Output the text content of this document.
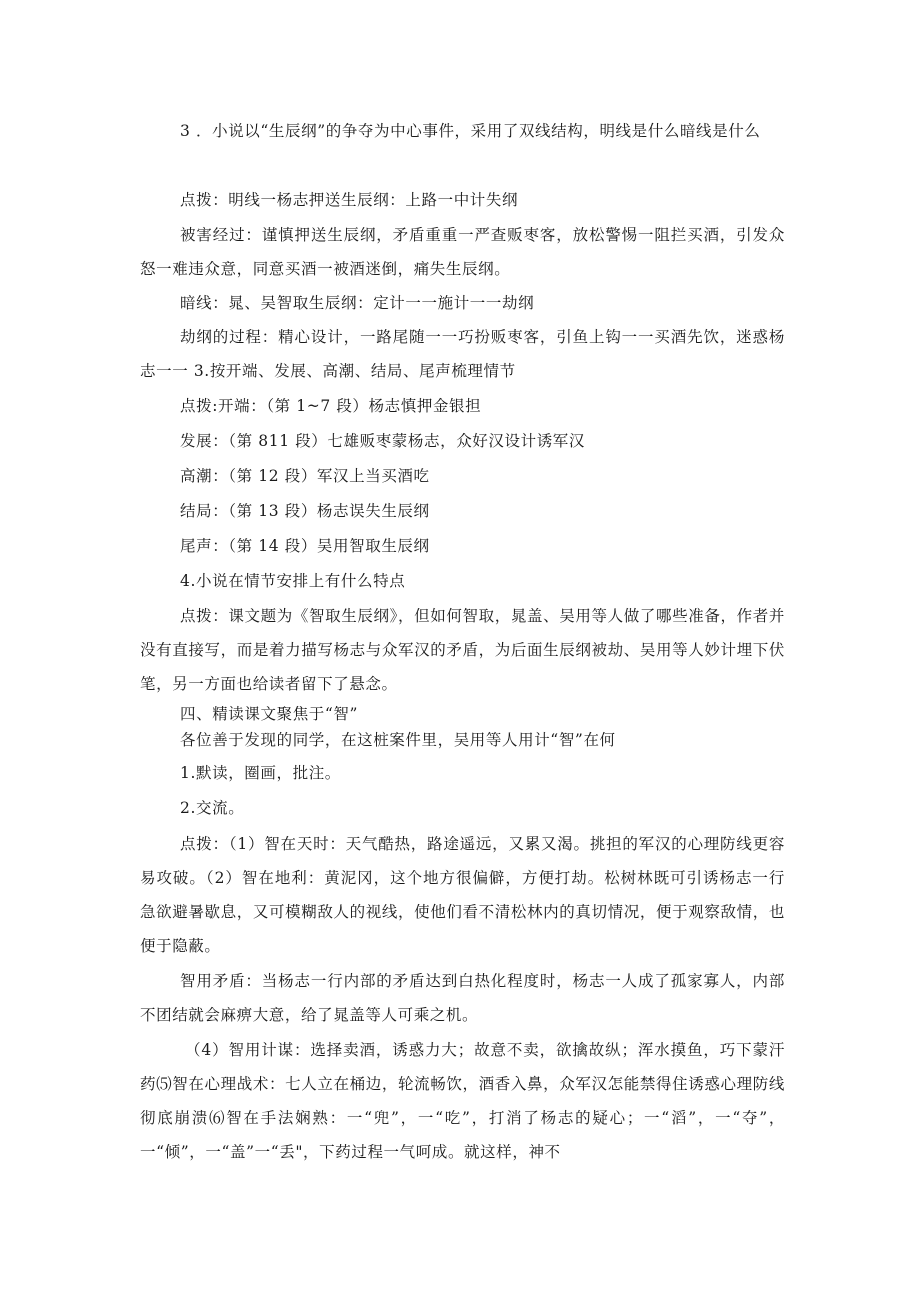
3 ．小说以“生辰纲”的争夺为中心事件，采用了双线结构，明线是什么暗线是什么

点拨：明线一杨志押送生辰纲：上路一中计失纲

被害经过：谨慎押送生辰纲，矛盾重重一严查贩枣客，放松警惕一阻拦买酒，引发众怒一难违众意，同意买酒一被酒迷倒，痛失生辰纲。

暗线：晁、吴智取生辰纲：定计一一施计一一劫纲

劫纲的过程：精心设计，一路尾随一一巧扮贩枣客，引鱼上钩一一买酒先饮，迷惑杨志一一 3.按开端、发展、高潮、结局、尾声梳理情节

点拨:开端：（第 1~7 段）杨志慎押金银担

发展：（第 811 段）七雄贩枣蒙杨志，众好汉设计诱军汉

高潮：（第 12 段）军汉上当买酒吃

结局：（第 13 段）杨志误失生辰纲

尾声：（第 14 段）吴用智取生辰纲

4.小说在情节安排上有什么特点

点拨：课文题为《智取生辰纲》，但如何智取，晁盖、吴用等人做了哪些准备，作者并没有直接写，而是着力描写杨志与众军汉的矛盾，为后面生辰纲被劫、吴用等人妙计埋下伏笔，另一方面也给读者留下了悬念。

四、精读课文聚焦于“智”

各位善于发现的同学，在这桩案件里，吴用等人用计“智”在何

1.默读，圈画，批注。

2.交流。

点拨：（1）智在天时：天气酷热，路途遥远，又累又渴。挑担的军汉的心理防线更容易攻破。（2）智在地利：黄泥冈，这个地方很偏僻，方便打劫。松树林既可引诱杨志一行急欲避暑歇息，又可模糊敌人的视线，使他们看不清松林内的真切情况，便于观察敌情，也便于隐蔽。

智用矛盾：当杨志一行内部的矛盾达到白热化程度时，杨志一人成了孤家寡人，内部不团结就会麻痹大意，给了晁盖等人可乘之机。

（4）智用计谋：选择卖酒，诱惑力大；故意不卖，欲擒故纵；浑水摸鱼，巧下蒙汗药⑸智在心理战术：七人立在桶边，轮流畅饮，酒香入鼻，众军汉怎能禁得住诱惑心理防线彻底崩溃⑹智在手法娴熟：一“兜”，一“吃”，打消了杨志的疑心；一“滔”，一“夺”，一“倾”，一“盖”一“丢"，下药过程一气呵成。就这样，神不
